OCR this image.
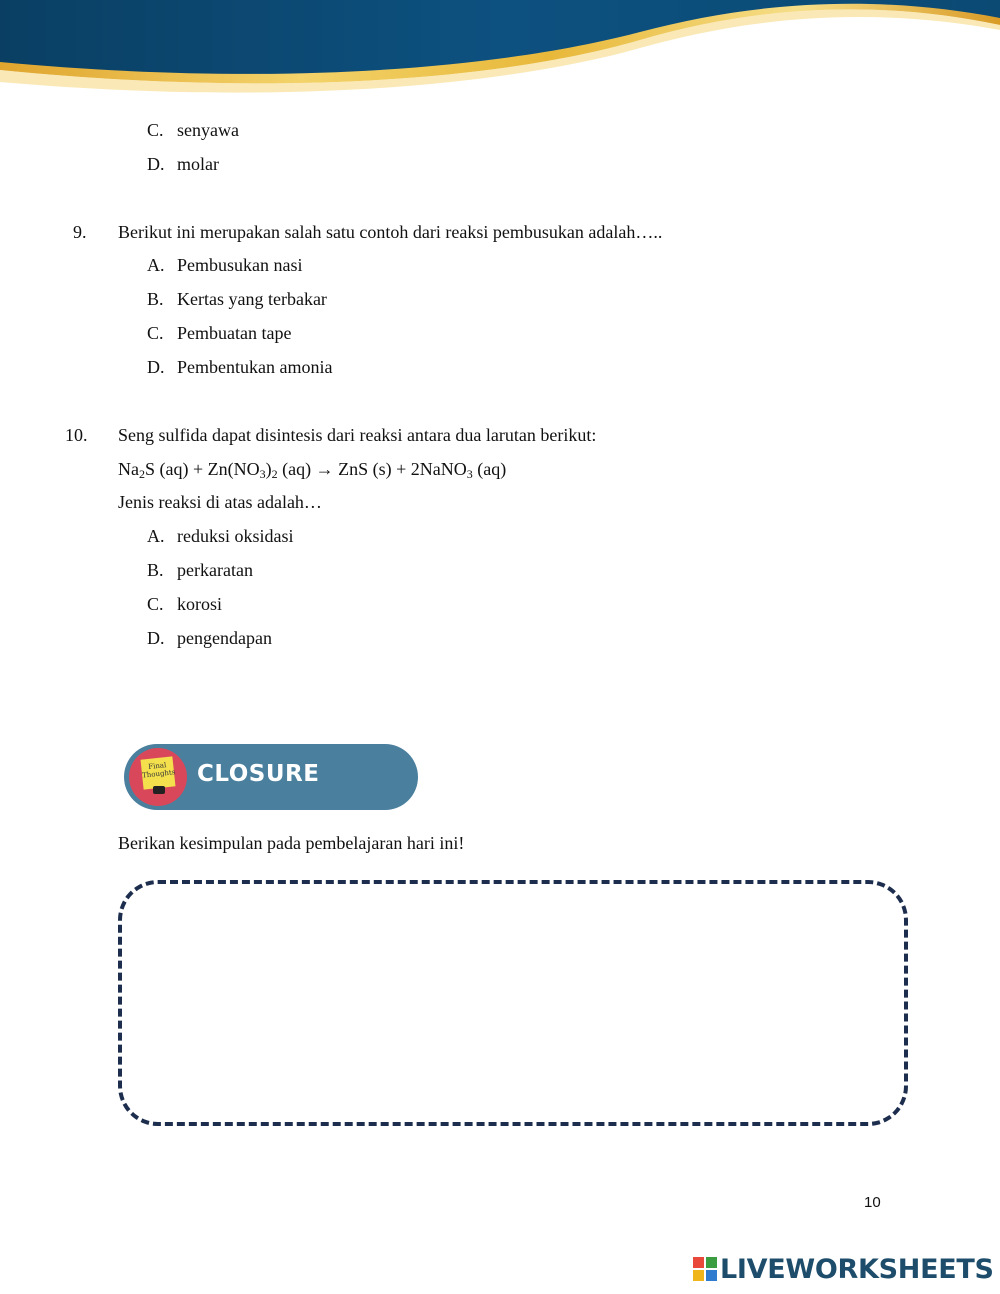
C. senyawa
D. molar
9. Berikut ini merupakan salah satu contoh dari reaksi pembusukan adalah…..
A. Pembusukan nasi
B. Kertas yang terbakar
C. Pembuatan tape
D. Pembentukan amonia
10. Seng sulfida dapat disintesis dari reaksi antara dua larutan berikut:
$Na_2S$ $(aq) + Zn(NO_3)_2$ (aq) → ZnS (s) + 2NaNO$_3$ (aq)
Jenis reaksi di atas adalah…
A. reduksi oksidasi
B. perkaratan
C. korosi
D. pengendapan
Final Thoughts CLOSURE
Berikan kesimpulan pada pembelajaran hari ini!
10
LIVEWORKSHEETS
